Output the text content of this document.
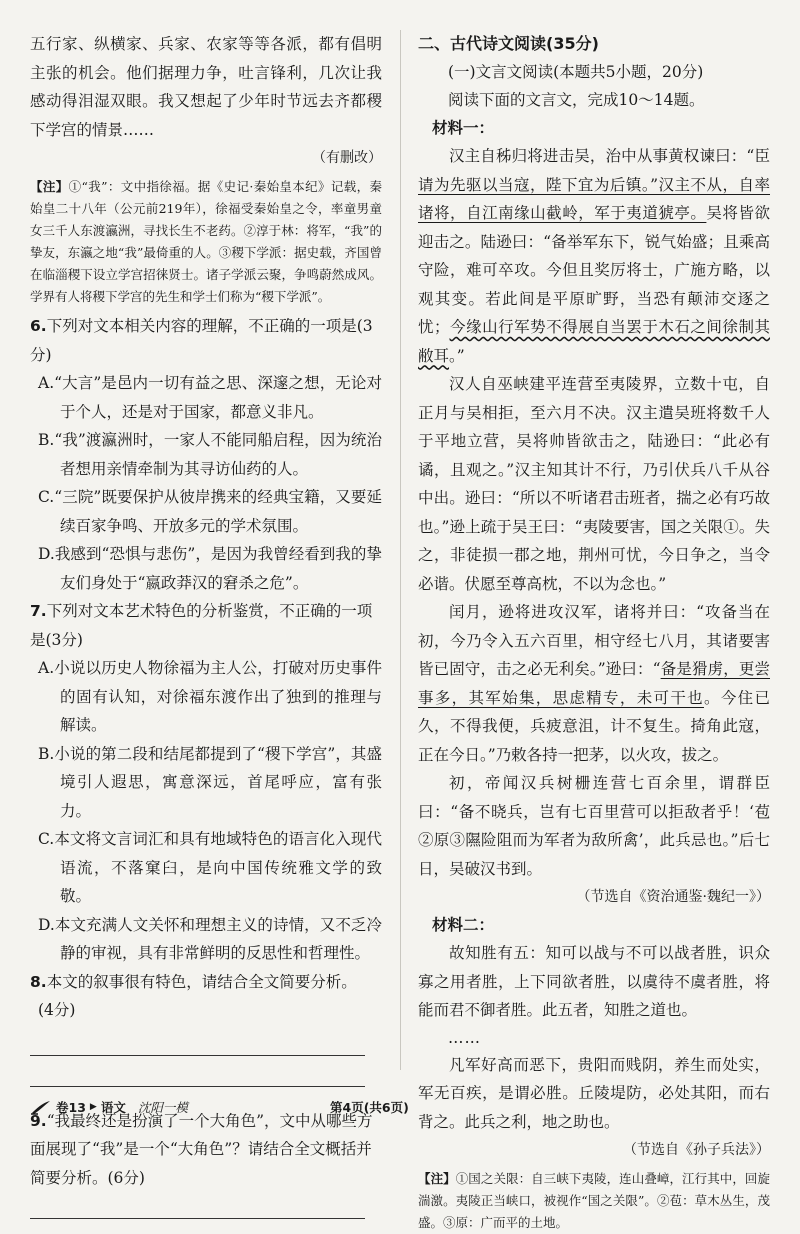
五行家、纵横家、兵家、农家等等各派，都有倡明主张的机会。他们据理力争，吐言锋利，几次让我感动得泪湿双眼。我又想起了少年时节远去齐都稷下学宫的情景……

（有删改）

【注】①“我”：文中指徐福。据《史记·秦始皇本纪》记载，秦始皇二十八年（公元前219年），徐福受秦始皇之令，率童男童女三千人东渡瀛洲，寻找长生不老药。②淳于林：将军，“我”的挚友，东瀛之地“我”最倚重的人。③稷下学派：据史载，齐国曾在临淄稷下设立学宫招徕贤士。诸子学派云聚，争鸣蔚然成风。学界有人将稷下学宫的先生和学士们称为“稷下学派”。

6.下列对文本相关内容的理解，不正确的一项是(3分)

A.“大言”是邑内一切有益之思、深邃之想，无论对于个人，还是对于国家，都意义非凡。

B.“我”渡瀛洲时，一家人不能同船启程，因为统治者想用亲情牵制为其寻访仙药的人。

C.“三院”既要保护从彼岸携来的经典宝籍，又要延续百家争鸣、开放多元的学术氛围。

D.我感到“恐惧与悲伤”，是因为我曾经看到我的挚友们身处于“嬴政莽汉的窘杀之危”。

7.下列对文本艺术特色的分析鉴赏，不正确的一项是(3分)

A.小说以历史人物徐福为主人公，打破对历史事件的固有认知，对徐福东渡作出了独到的推理与解读。

B.小说的第二段和结尾都提到了“稷下学宫”，其盛境引人遐思，寓意深远，首尾呼应，富有张力。

C.本文将文言词汇和具有地域特色的语言化入现代语流，不落窠臼，是向中国传统雅文学的致敬。

D.本文充满人文关怀和理想主义的诗情，又不乏冷静的审视，具有非常鲜明的反思性和哲理性。

8.本文的叙事很有特色，请结合全文简要分析。

(4分)

9.“我最终还是扮演了一个大角色”，文中从哪些方面展现了“我”是一个“大角色”？请结合全文概括并简要分析。(6分)

二、古代诗文阅读(35分)

(一)文言文阅读(本题共5小题，20分)

阅读下面的文言文，完成10～14题。

材料一：

汉主自秭归将进击吴，治中从事黄权谏曰：“臣请为先驱以当寇，陛下宜为后镇。”汉主不从，自率诸将，自江南缘山截岭，军于夷道猇亭。吴将皆欲迎击之。陆逊曰：“备举军东下，锐气始盛；且乘高守险，难可卒攻。今但且奖厉将士，广施方略，以观其变。若此间是平原旷野，当恐有颠沛交逐之忧；今缘山行军势不得展自当罢于木石之间徐制其敝耳。”

汉人自巫峡建平连营至夷陵界，立数十屯，自正月与吴相拒，至六月不决。汉主遣吴班将数千人于平地立营，吴将帅皆欲击之，陆逊曰：“此必有谲，且观之。”汉主知其计不行，乃引伏兵八千从谷中出。逊曰：“所以不听诸君击班者，揣之必有巧故也。”逊上疏于吴王曰：“夷陵要害，国之关限①。失之，非徒损一郡之地，荆州可忧，今日争之，当令必谐。伏愿至尊高枕，不以为念也。”

闰月，逊将进攻汉军，诸将并曰：“攻备当在初，今乃令入五六百里，相守经七八月，其诸要害皆已固守，击之必无利矣。”逊曰：“备是猾虏，更尝事多，其军始集，思虑精专，未可干也。今住已久，不得我便，兵疲意沮，计不复生。掎角此寇，正在今日。”乃敕各持一把茅，以火攻，拔之。

初，帝闻汉兵树栅连营七百余里，谓群臣曰：“备不晓兵，岂有七百里营可以拒敌者乎！‘苞②原③隰险阻而为军者为敌所禽’，此兵忌也。”后七日，吴破汉书到。

（节选自《资治通鉴·魏纪一》）

材料二：

故知胜有五：知可以战与不可以战者胜，识众寡之用者胜，上下同欲者胜，以虞待不虞者胜，将能而君不御者胜。此五者，知胜之道也。

……

凡军好高而恶下，贵阳而贱阴，养生而处实，军无百疾，是谓必胜。丘陵堤防，必处其阳，而右背之。此兵之利，地之助也。

（节选自《孙子兵法》）

【注】①国之关限：自三峡下夷陵，连山叠嶂，江行其中，回旋湍激。夷陵正当峡口，被视作“国之关限”。②苞：草木丛生，茂盛。③原：广而平的土地。

卷13 ▶ 语文 沈阳一模	第4页(共6页)
